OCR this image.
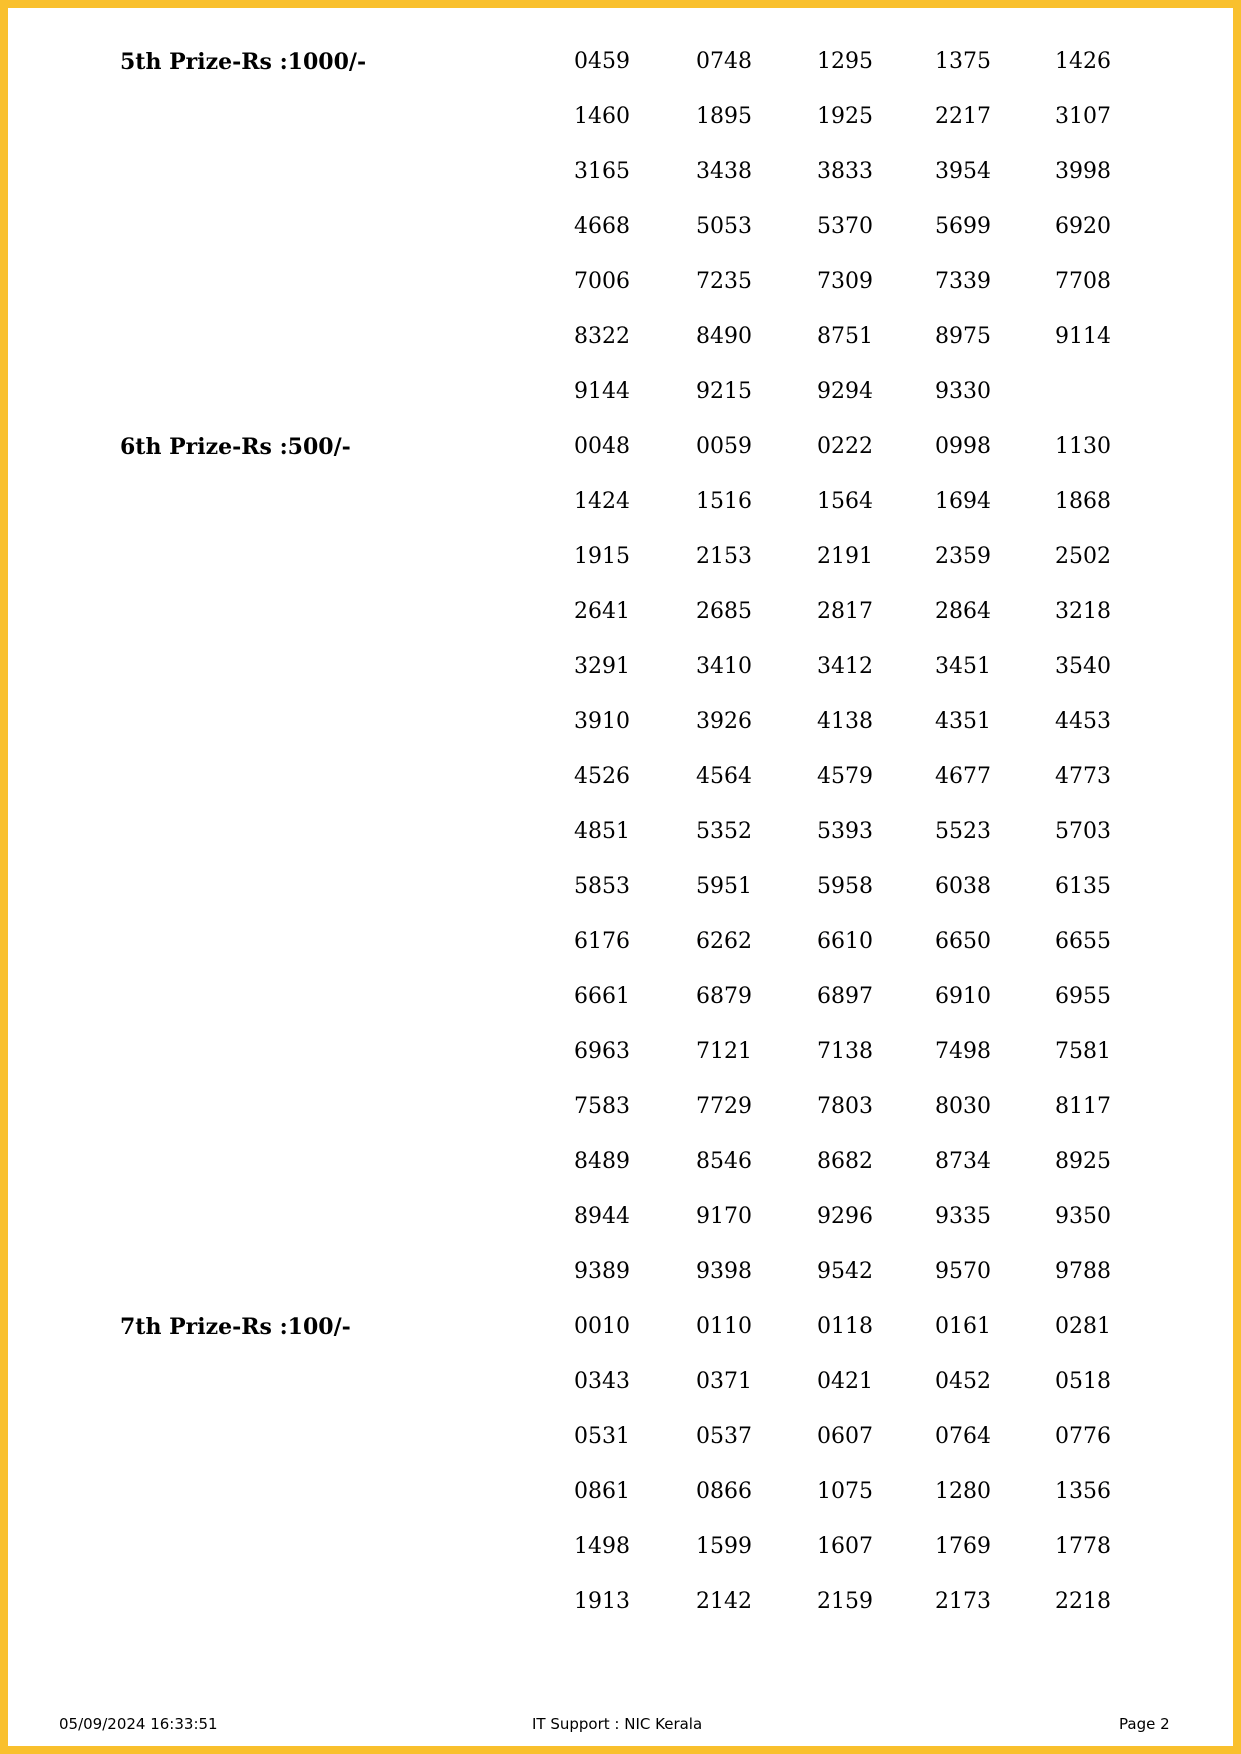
5th Prize-Rs :1000/-	0459	0748	1295	1375	1426
1460	1895	1925	2217	3107
3165	3438	3833	3954	3998
4668	5053	5370	5699	6920
7006	7235	7309	7339	7708
8322	8490	8751	8975	9114
9144	9215	9294	9330
6th Prize-Rs :500/-	0048	0059	0222	0998	1130
1424	1516	1564	1694	1868
1915	2153	2191	2359	2502
2641	2685	2817	2864	3218
3291	3410	3412	3451	3540
3910	3926	4138	4351	4453
4526	4564	4579	4677	4773
4851	5352	5393	5523	5703
5853	5951	5958	6038	6135
6176	6262	6610	6650	6655
6661	6879	6897	6910	6955
6963	7121	7138	7498	7581
7583	7729	7803	8030	8117
8489	8546	8682	8734	8925
8944	9170	9296	9335	9350
9389	9398	9542	9570	9788
7th Prize-Rs :100/-	0010	0110	0118	0161	0281
0343	0371	0421	0452	0518
0531	0537	0607	0764	0776
0861	0866	1075	1280	1356
1498	1599	1607	1769	1778
1913	2142	2159	2173	2218
05/09/2024 16:33:51	IT Support : NIC Kerala	Page 2
